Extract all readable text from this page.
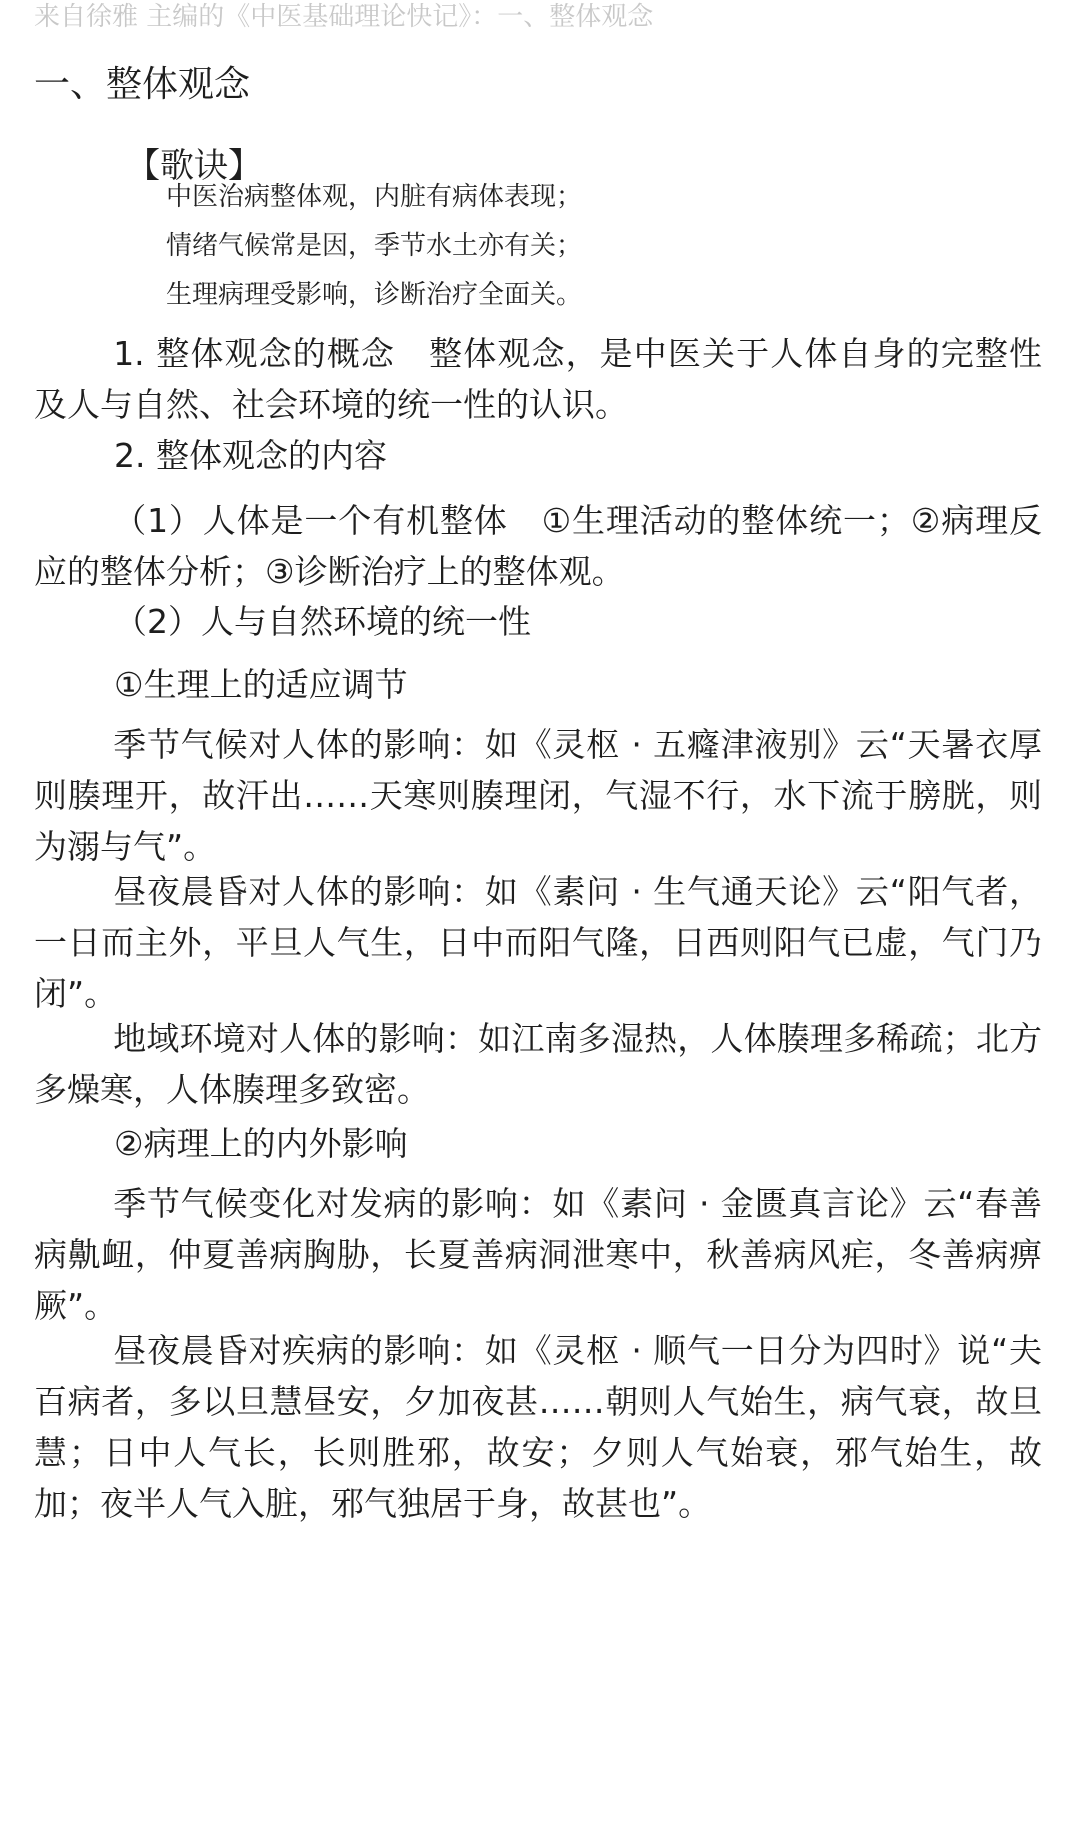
来自徐雅 主编的《中医基础理论快记》：一、整体观念
一、整体观念
【歌诀】
中医治病整体观，内脏有病体表现；
情绪气候常是因，季节水土亦有关；
生理病理受影响，诊断治疗全面关。

1. 整体观念的概念　整体观念，是中医关于人体自身的完整性及人与自然、社会环境的统一性的认识。

2. 整体观念的内容

（1）人体是一个有机整体　①生理活动的整体统一；②病理反应的整体分析；③诊断治疗上的整体观。

（2）人与自然环境的统一性
①生理上的适应调节

季节气候对人体的影响：如《灵枢 · 五癃津液别》云“天暑衣厚则腠理开，故汗出……天寒则腠理闭，气湿不行，水下流于膀胱，则为溺与气”。

昼夜晨昏对人体的影响：如《素问 · 生气通天论》云“阳气者，一日而主外，平旦人气生，日中而阳气隆，日西则阳气已虚，气门乃闭”。

地域环境对人体的影响：如江南多湿热，人体腠理多稀疏；北方多燥寒，人体腠理多致密。

②病理上的内外影响

季节气候变化对发病的影响：如《素问 · 金匮真言论》云“春善病鼽衄，仲夏善病胸胁，长夏善病洞泄寒中，秋善病风疟，冬善病痹厥”。

昼夜晨昏对疾病的影响：如《灵枢 · 顺气一日分为四时》说“夫百病者，多以旦慧昼安，夕加夜甚……朝则人气始生，病气衰，故旦慧；日中人气长，长则胜邪，故安；夕则人气始衰，邪气始生，故加；夜半人气入脏，邪气独居于身，故甚也”。
